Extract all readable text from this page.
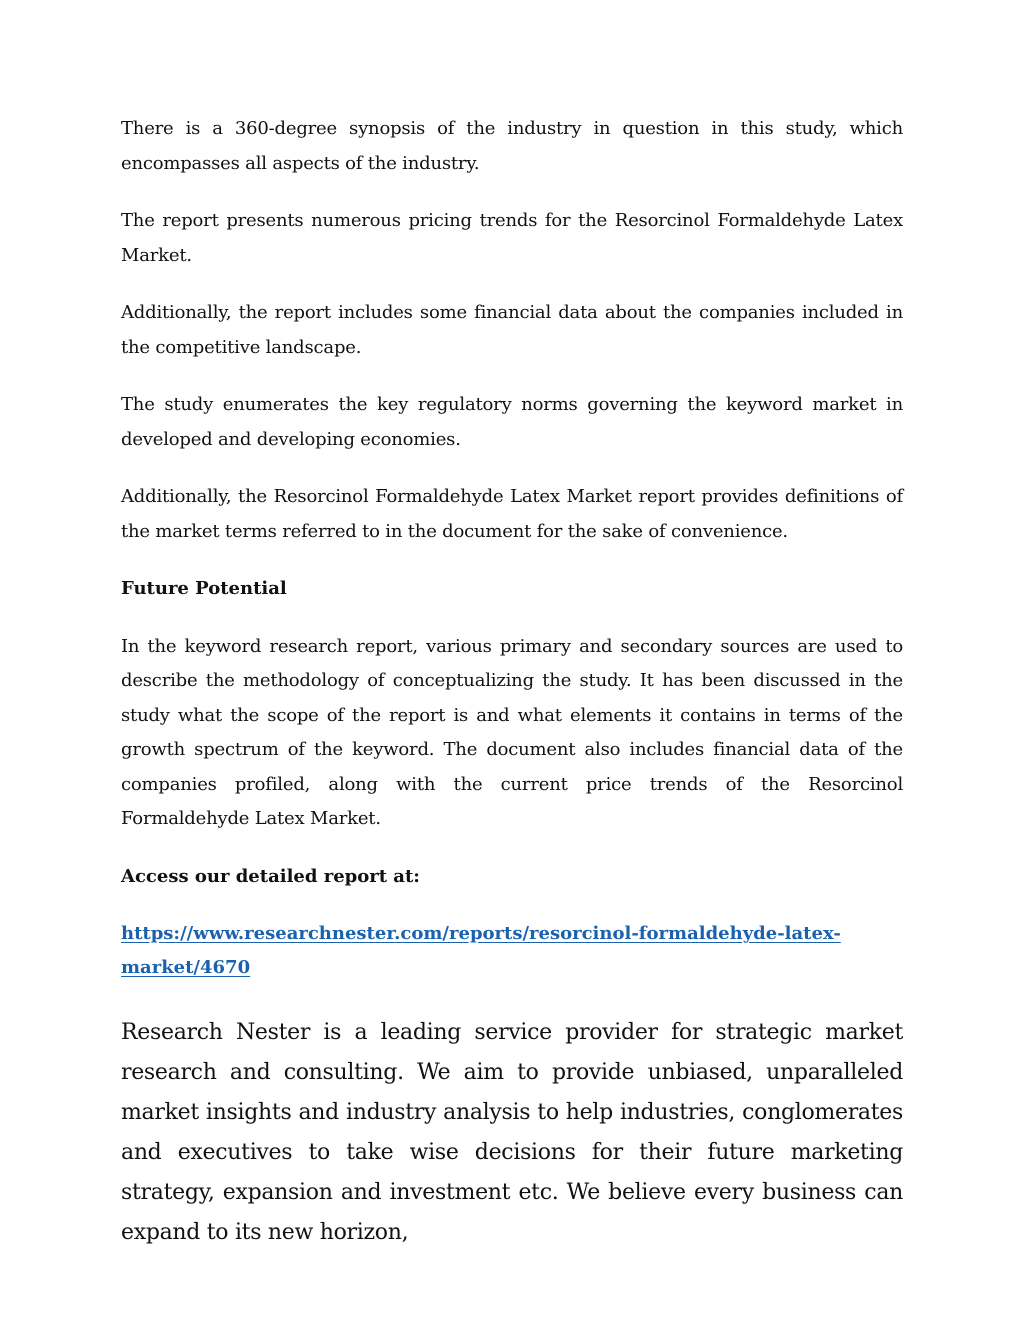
There is a 360-degree synopsis of the industry in question in this study, which encompasses all aspects of the industry.

The report presents numerous pricing trends for the Resorcinol Formaldehyde Latex Market.

Additionally, the report includes some financial data about the companies included in the competitive landscape.

The study enumerates the key regulatory norms governing the keyword market in developed and developing economies.

Additionally, the Resorcinol Formaldehyde Latex Market report provides definitions of the market terms referred to in the document for the sake of convenience.

Future Potential

In the keyword research report, various primary and secondary sources are used to describe the methodology of conceptualizing the study. It has been discussed in the study what the scope of the report is and what elements it contains in terms of the growth spectrum of the keyword. The document also includes financial data of the companies profiled, along with the current price trends of the Resorcinol Formaldehyde Latex Market.

Access our detailed report at:

https://www.researchnester.com/reports/resorcinol-formaldehyde-latex-
market/4670

Research Nester is a leading service provider for strategic market research and consulting. We aim to provide unbiased, unparalleled market insights and industry analysis to help industries, conglomerates and executives to take wise decisions for their future marketing strategy, expansion and investment etc. We believe every business can expand to its new horizon,
